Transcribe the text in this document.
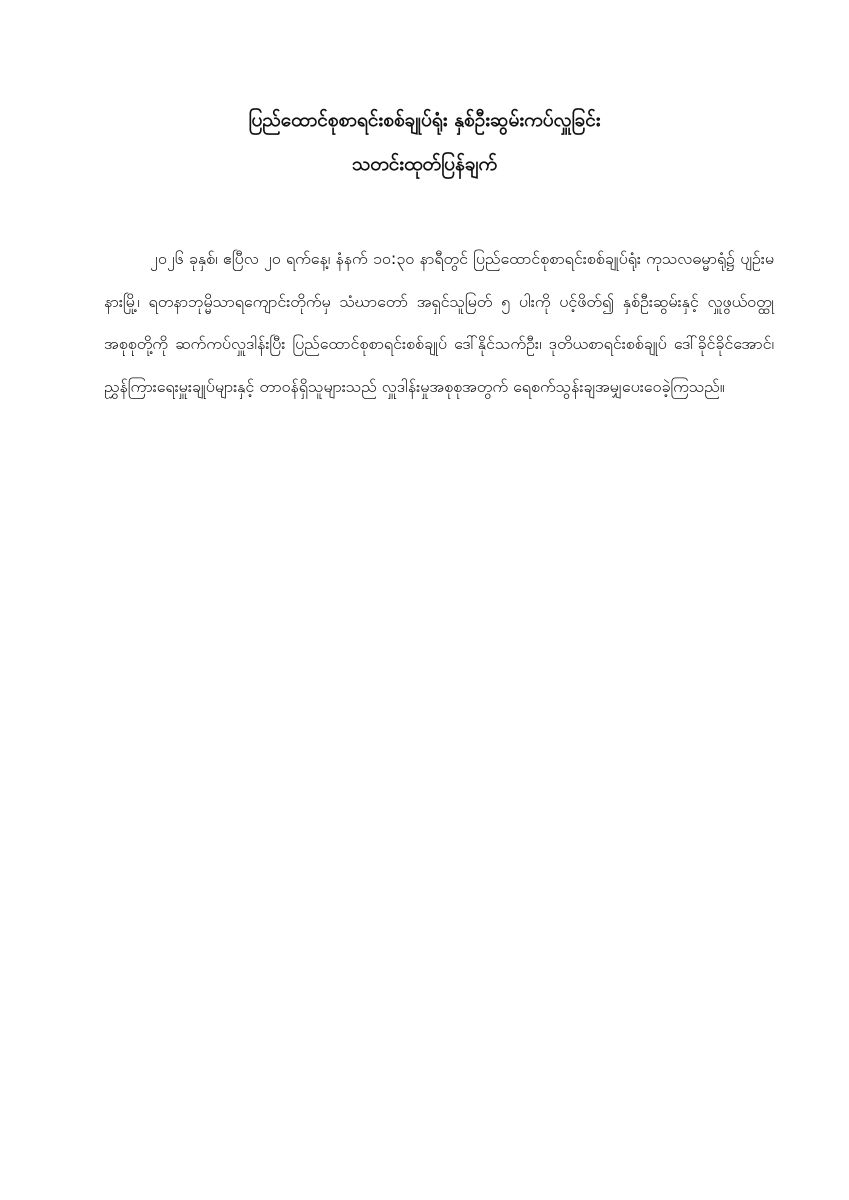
ပြည်ထောင်စုစာရင်းစစ်ချုပ်ရုံး နှစ်ဦးဆွမ်းကပ်လှူခြင်း
သတင်းထုတ်ပြန်ချက်

၂၀၂၆ ခုနှစ်၊ ဧပြီလ ၂၀ ရက်နေ့၊ နံနက် ၁၀:၃၀ နာရီတွင် ပြည်ထောင်စုစာရင်းစစ်ချုပ်ရုံး ကုသလဓမ္မာရုံ၌ ပျဉ်းမနားမြို့၊ ရတနာဘုမ္မိသာရကျောင်းတိုက်မှ သံဃာတော် အရှင်သူမြတ် ၅ ပါးကို ပင့်ဖိတ်၍ နှစ်ဦးဆွမ်းနှင့် လှူဖွယ်ဝတ္ထု အစုစုတို့ကို ဆက်ကပ်လှူဒါန်းပြီး ပြည်ထောင်စုစာရင်းစစ်ချုပ် ဒေါ်နိုင်သက်ဦး၊ ဒုတိယစာရင်းစစ်ချုပ် ဒေါ်ခိုင်ခိုင်အောင်၊ ညွှန်ကြားရေးမှူးချုပ်များနှင့် တာဝန်ရှိသူများသည် လှူဒါန်းမှုအစုစုအတွက် ရေစက်သွန်းချအမျှပေးဝေခဲ့ကြသည်။
